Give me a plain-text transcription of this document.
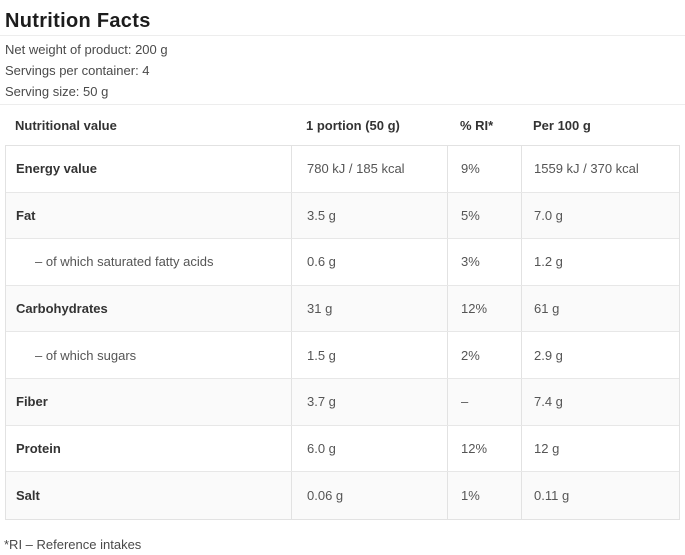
Nutrition Facts
Net weight of product: 200 g
Servings per container: 4
Serving size: 50 g
Nutritional value	1 portion (50 g)	% RI*	Per 100 g
Energy value	780 kJ / 185 kcal	9%	1559 kJ / 370 kcal
Fat	3.5 g	5%	7.0 g
– of which saturated fatty acids	0.6 g	3%	1.2 g
Carbohydrates	31 g	12%	61 g
– of which sugars	1.5 g	2%	2.9 g
Fiber	3.7 g	–	7.4 g
Protein	6.0 g	12%	12 g
Salt	0.06 g	1%	0.11 g
*RI – Reference intakes
